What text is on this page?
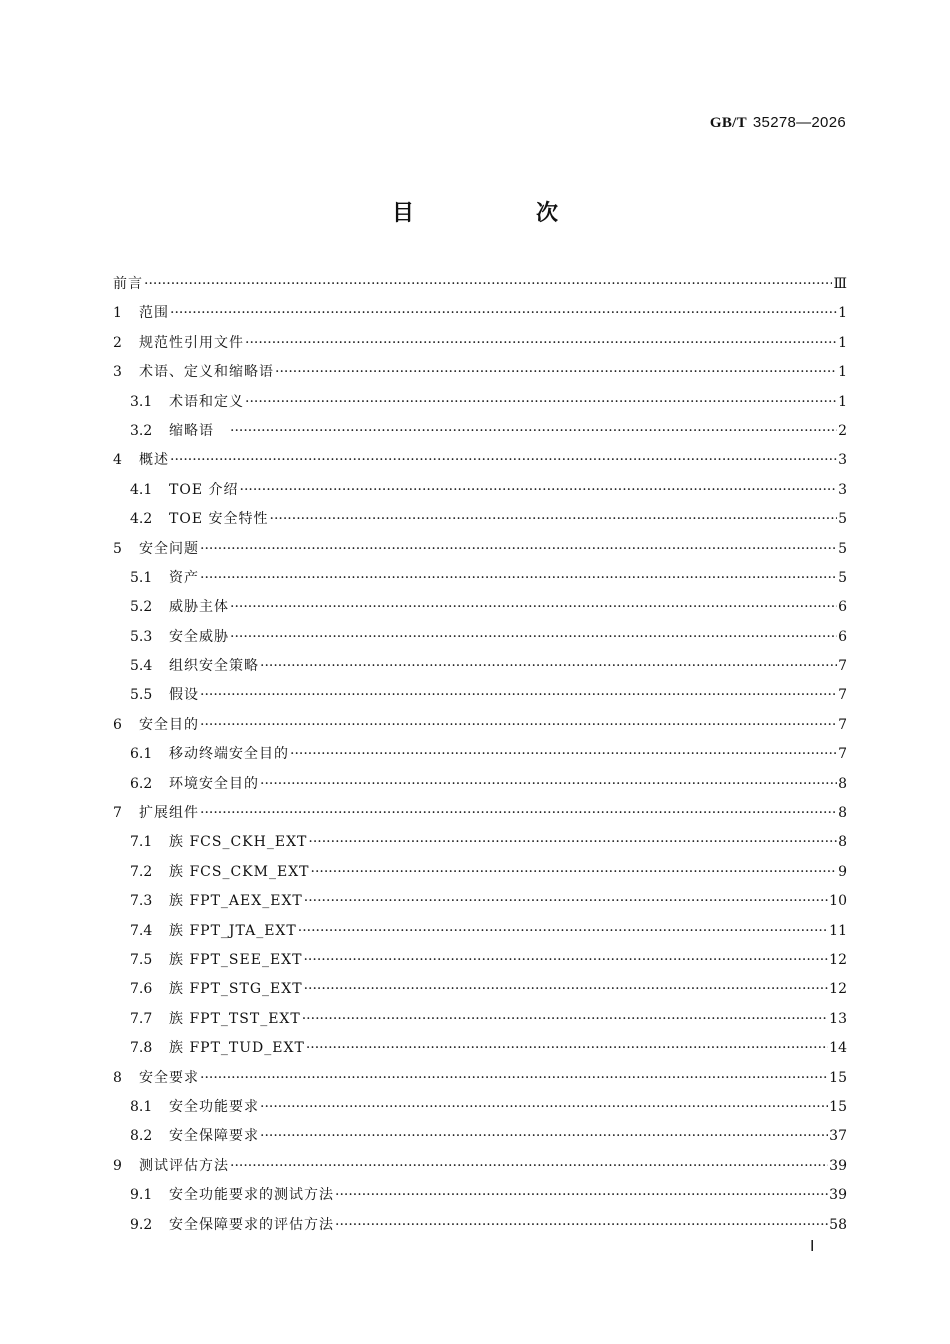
GB/T 35278—2026
目　次
前言 ·····	Ⅲ
1	范围 ·····	1
2	规范性引用文件 ·····	1
3	术语、定义和缩略语 ·····	1
3.1	术语和定义 ·····	1
3.2	缩略语　 ·····	2
4	概述 ·····	3
4.1	TOE 介绍 ·····	3
4.2	TOE 安全特性 ·····	5
5	安全问题 ·····	5
5.1	资产 ·····	5
5.2	威胁主体 ·····	6
5.3	安全威胁 ·····	6
5.4	组织安全策略 ·····	7
5.5	假设 ·····	7
6	安全目的 ·····	7
6.1	移动终端安全目的 ·····	7
6.2	环境安全目的 ·····	8
7	扩展组件 ·····	8
7.1	族 FCS_CKH_EXT ·····	8
7.2	族 FCS_CKM_EXT ·····	9
7.3	族 FPT_AEX_EXT ·····	10
7.4	族 FPT_JTA_EXT ·····	11
7.5	族 FPT_SEE_EXT ·····	12
7.6	族 FPT_STG_EXT ·····	12
7.7	族 FPT_TST_EXT ·····	13
7.8	族 FPT_TUD_EXT ·····	14
8	安全要求 ·····	15
8.1	安全功能要求 ·····	15
8.2	安全保障要求 ·····	37
9	测试评估方法 ·····	39
9.1	安全功能要求的测试方法 ·····	39
9.2	安全保障要求的评估方法 ·····	58
Ⅰ
